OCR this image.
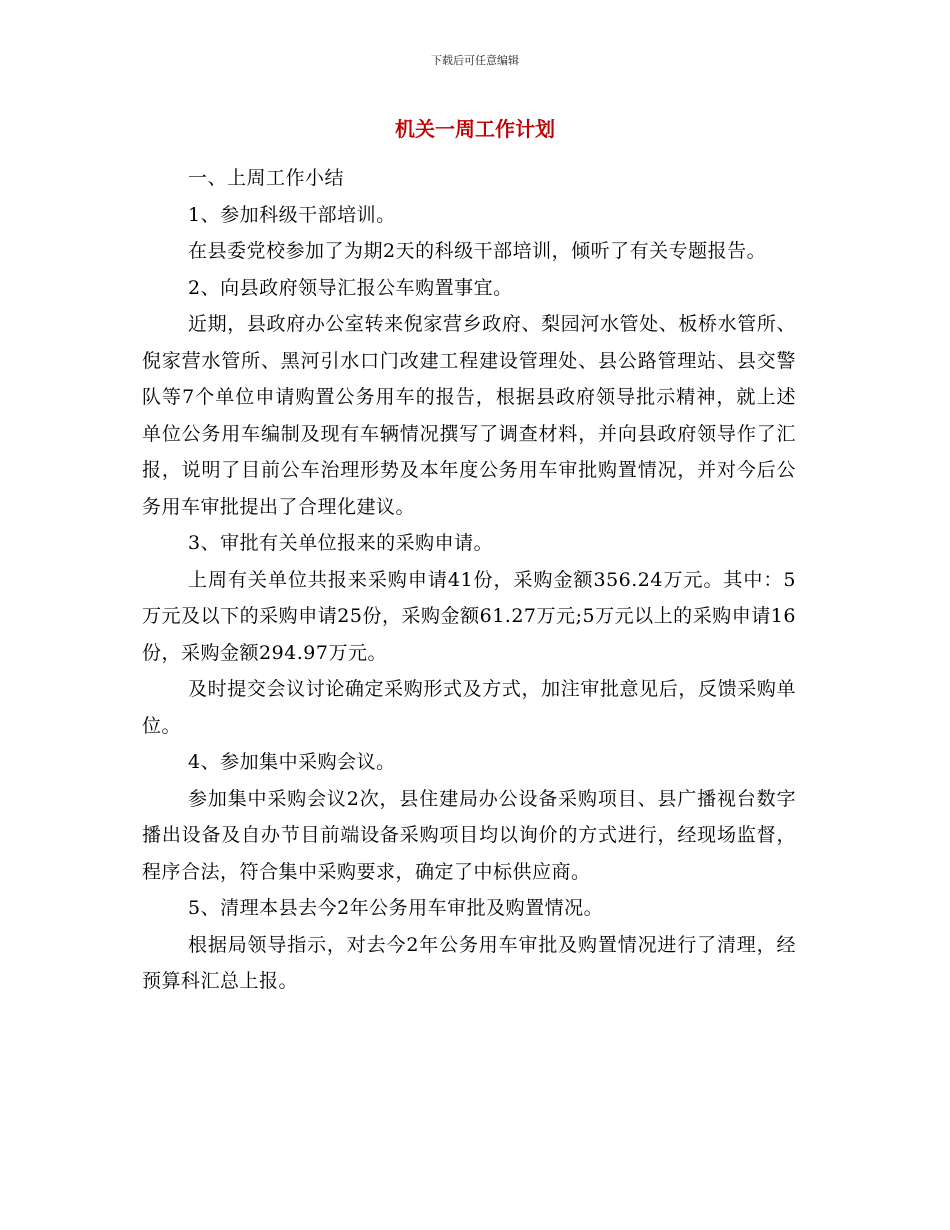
下载后可任意编辑
机关一周工作计划

一、上周工作小结

1、参加科级干部培训。

在县委党校参加了为期2天的科级干部培训，倾听了有关专题报告。

2、向县政府领导汇报公车购置事宜。

近期，县政府办公室转来倪家营乡政府、梨园河水管处、板桥水管所、倪家营水管所、黑河引水口门改建工程建设管理处、县公路管理站、县交警队等7个单位申请购置公务用车的报告，根据县政府领导批示精神，就上述单位公务用车编制及现有车辆情况撰写了调查材料，并向县政府领导作了汇报，说明了目前公车治理形势及本年度公务用车审批购置情况，并对今后公务用车审批提出了合理化建议。

3、审批有关单位报来的采购申请。

上周有关单位共报来采购申请41份，采购金额356.24万元。其中：5万元及以下的采购申请25份，采购金额61.27万元;5万元以上的采购申请16份，采购金额294.97万元。

及时提交会议讨论确定采购形式及方式，加注审批意见后，反馈采购单位。

4、参加集中采购会议。

参加集中采购会议2次，县住建局办公设备采购项目、县广播视台数字播出设备及自办节目前端设备采购项目均以询价的方式进行，经现场监督，程序合法，符合集中采购要求，确定了中标供应商。

5、清理本县去今2年公务用车审批及购置情况。

根据局领导指示，对去今2年公务用车审批及购置情况进行了清理，经预算科汇总上报。
